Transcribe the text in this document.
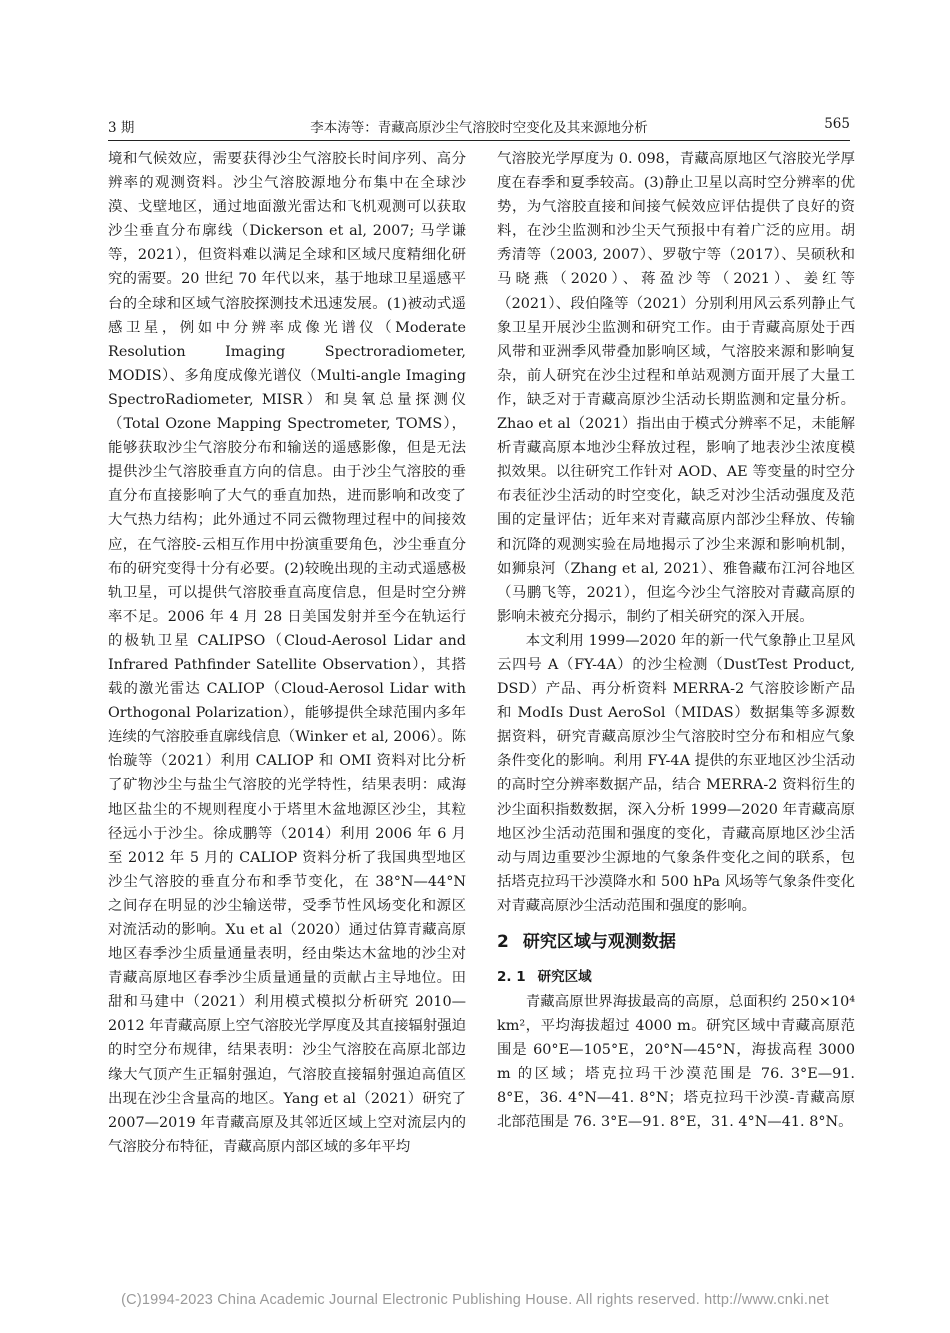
3 期	李本涛等：青藏高原沙尘气溶胶时空变化及其来源地分析	565

境和气候效应，需要获得沙尘气溶胶长时间序列、高分辨率的观测资料。沙尘气溶胶源地分布集中在全球沙漠、戈壁地区，通过地面激光雷达和飞机观测可以获取沙尘垂直分布廓线（Dickerson et al, 2007; 马学谦等，2021），但资料难以满足全球和区域尺度精细化研究的需要。20 世纪 70 年代以来，基于地球卫星遥感平台的全球和区域气溶胶探测技术迅速发展。(1)被动式遥感卫星，例如中分辨率成像光谱仪（Moderate Resolution Imaging Spectroradiometer, MODIS）、多角度成像光谱仪（Multi-angle Imaging SpectroRadiometer, MISR）和臭氧总量探测仪（Total Ozone Mapping Spectrometer, TOMS），能够获取沙尘气溶胶分布和输送的遥感影像，但是无法提供沙尘气溶胶垂直方向的信息。由于沙尘气溶胶的垂直分布直接影响了大气的垂直加热，进而影响和改变了大气热力结构；此外通过不同云微物理过程中的间接效应，在气溶胶-云相互作用中扮演重要角色，沙尘垂直分布的研究变得十分有必要。(2)较晚出现的主动式遥感极轨卫星，可以提供气溶胶垂直高度信息，但是时空分辨率不足。2006 年 4 月 28 日美国发射并至今在轨运行的极轨卫星 CALIPSO（Cloud-Aerosol Lidar and Infrared Pathfinder Satellite Observation），其搭载的激光雷达 CALIOP（Cloud-Aerosol Lidar with Orthogonal Polarization），能够提供全球范围内多年连续的气溶胶垂直廓线信息（Winker et al, 2006）。陈怡璇等（2021）利用 CALIOP 和 OMI 资料对比分析了矿物沙尘与盐尘气溶胶的光学特性，结果表明：咸海地区盐尘的不规则程度小于塔里木盆地源区沙尘，其粒径远小于沙尘。徐成鹏等（2014）利用 2006 年 6 月至 2012 年 5 月的 CALIOP 资料分析了我国典型地区沙尘气溶胶的垂直分布和季节变化，在 38°N—44°N 之间存在明显的沙尘输送带，受季节性风场变化和源区对流活动的影响。Xu et al（2020）通过估算青藏高原地区春季沙尘质量通量表明，经由柴达木盆地的沙尘对青藏高原地区春季沙尘质量通量的贡献占主导地位。田甜和马建中（2021）利用模式模拟分析研究 2010—2012 年青藏高原上空气溶胶光学厚度及其直接辐射强迫的时空分布规律，结果表明：沙尘气溶胶在高原北部边缘大气顶产生正辐射强迫，气溶胶直接辐射强迫高值区出现在沙尘含量高的地区。Yang et al（2021）研究了 2007—2019 年青藏高原及其邻近区域上空对流层内的气溶胶分布特征，青藏高原内部区域的多年平均

气溶胶光学厚度为 0. 098，青藏高原地区气溶胶光学厚度在春季和夏季较高。(3)静止卫星以高时空分辨率的优势，为气溶胶直接和间接气候效应评估提供了良好的资料，在沙尘监测和沙尘天气预报中有着广泛的应用。胡秀清等（2003, 2007）、罗敬宁等（2017）、吴硕秋和马晓燕（2020）、蒋盈沙等（2021）、姜红等（2021）、段伯隆等（2021）分别利用风云系列静止气象卫星开展沙尘监测和研究工作。由于青藏高原处于西风带和亚洲季风带叠加影响区域，气溶胶来源和影响复杂，前人研究在沙尘过程和单站观测方面开展了大量工作，缺乏对于青藏高原沙尘活动长期监测和定量分析。Zhao et al（2021）指出由于模式分辨率不足，未能解析青藏高原本地沙尘释放过程，影响了地表沙尘浓度模拟效果。以往研究工作针对 AOD、AE 等变量的时空分布表征沙尘活动的时空变化，缺乏对沙尘活动强度及范围的定量评估；近年来对青藏高原内部沙尘释放、传输和沉降的观测实验在局地揭示了沙尘来源和影响机制，如狮泉河（Zhang et al, 2021）、雅鲁藏布江河谷地区（马鹏飞等，2021），但迄今沙尘气溶胶对青藏高原的影响未被充分揭示，制约了相关研究的深入开展。

本文利用 1999—2020 年的新一代气象静止卫星风云四号 A（FY-4A）的沙尘检测（DustTest Product, DSD）产品、再分析资料 MERRA-2 气溶胶诊断产品和 ModIs Dust AeroSol（MIDAS）数据集等多源数据资料，研究青藏高原沙尘气溶胶时空分布和相应气象条件变化的影响。利用 FY-4A 提供的东亚地区沙尘活动的高时空分辨率数据产品，结合 MERRA-2 资料衍生的沙尘面积指数数据，深入分析 1999—2020 年青藏高原地区沙尘活动范围和强度的变化，青藏高原地区沙尘活动与周边重要沙尘源地的气象条件变化之间的联系，包括塔克拉玛干沙漠降水和 500 hPa 风场等气象条件变化对青藏高原沙尘活动范围和强度的影响。

2 研究区域与观测数据
2. 1 研究区域

青藏高原世界海拔最高的高原，总面积约 250×10⁴ km²，平均海拔超过 4000 m。研究区域中青藏高原范围是 60°E—105°E，20°N—45°N，海拔高程 3000 m 的区域；塔克拉玛干沙漠范围是 76. 3°E—91. 8°E，36. 4°N—41. 8°N；塔克拉玛干沙漠-青藏高原北部范围是 76. 3°E—91. 8°E，31. 4°N—41. 8°N。

(C)1994-2023 China Academic Journal Electronic Publishing House. All rights reserved. http://www.cnki.net
